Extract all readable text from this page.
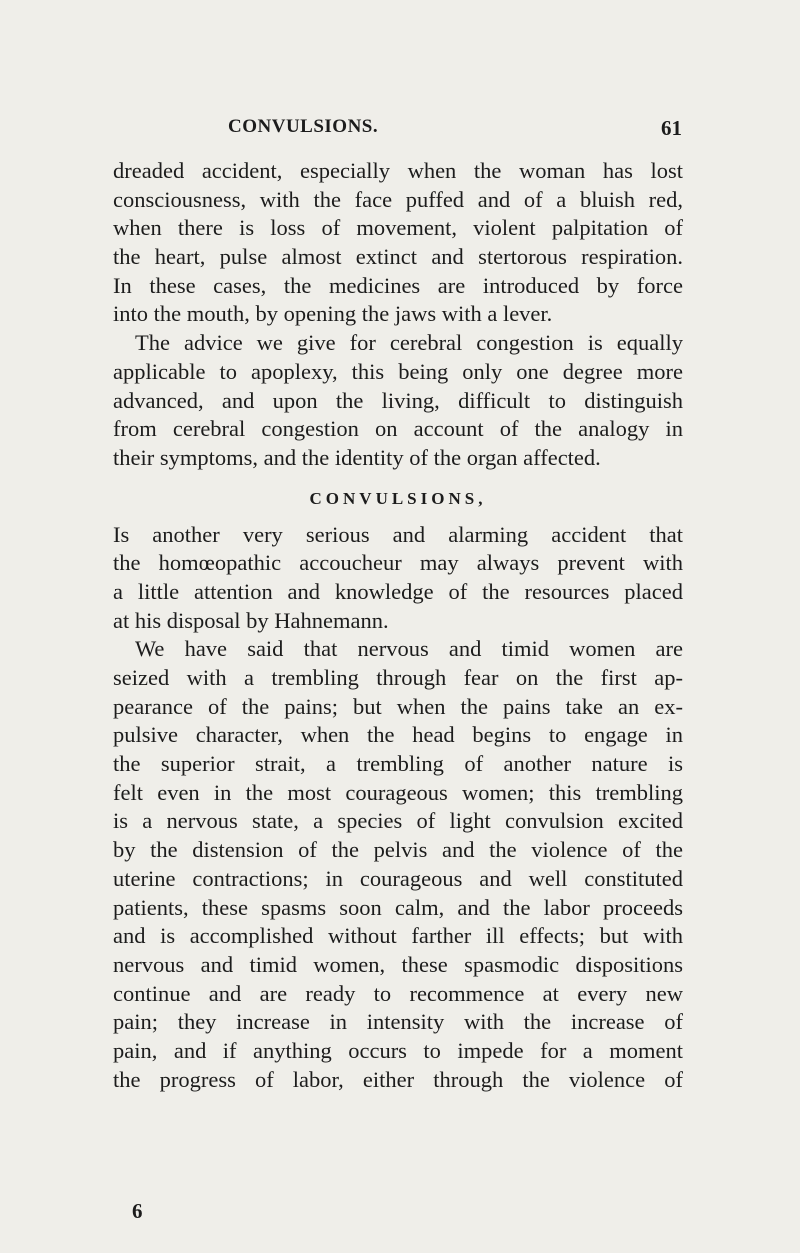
CONVULSIONS.	61
dreaded accident, especially when the woman has lost
consciousness, with the face puffed and of a bluish red,
when there is loss of movement, violent palpitation of
the heart, pulse almost extinct and stertorous respiration.
In these cases, the medicines are introduced by force
into the mouth, by opening the jaws with a lever.
The advice we give for cerebral congestion is equally
applicable to apoplexy, this being only one degree more
advanced, and upon the living, difficult to distinguish
from cerebral congestion on account of the analogy in
their symptoms, and the identity of the organ affected.
CONVULSIONS,
Is another very serious and alarming accident that
the homœopathic accoucheur may always prevent with
a little attention and knowledge of the resources placed
at his disposal by Hahnemann.
We have said that nervous and timid women are
seized with a trembling through fear on the first ap-
pearance of the pains; but when the pains take an ex-
pulsive character, when the head begins to engage in
the superior strait, a trembling of another nature is
felt even in the most courageous women; this trembling
is a nervous state, a species of light convulsion excited
by the distension of the pelvis and the violence of the
uterine contractions; in courageous and well constituted
patients, these spasms soon calm, and the labor proceeds
and is accomplished without farther ill effects; but with
nervous and timid women, these spasmodic dispositions
continue and are ready to recommence at every new
pain; they increase in intensity with the increase of
pain, and if anything occurs to impede for a moment
the progress of labor, either through the violence of
6
